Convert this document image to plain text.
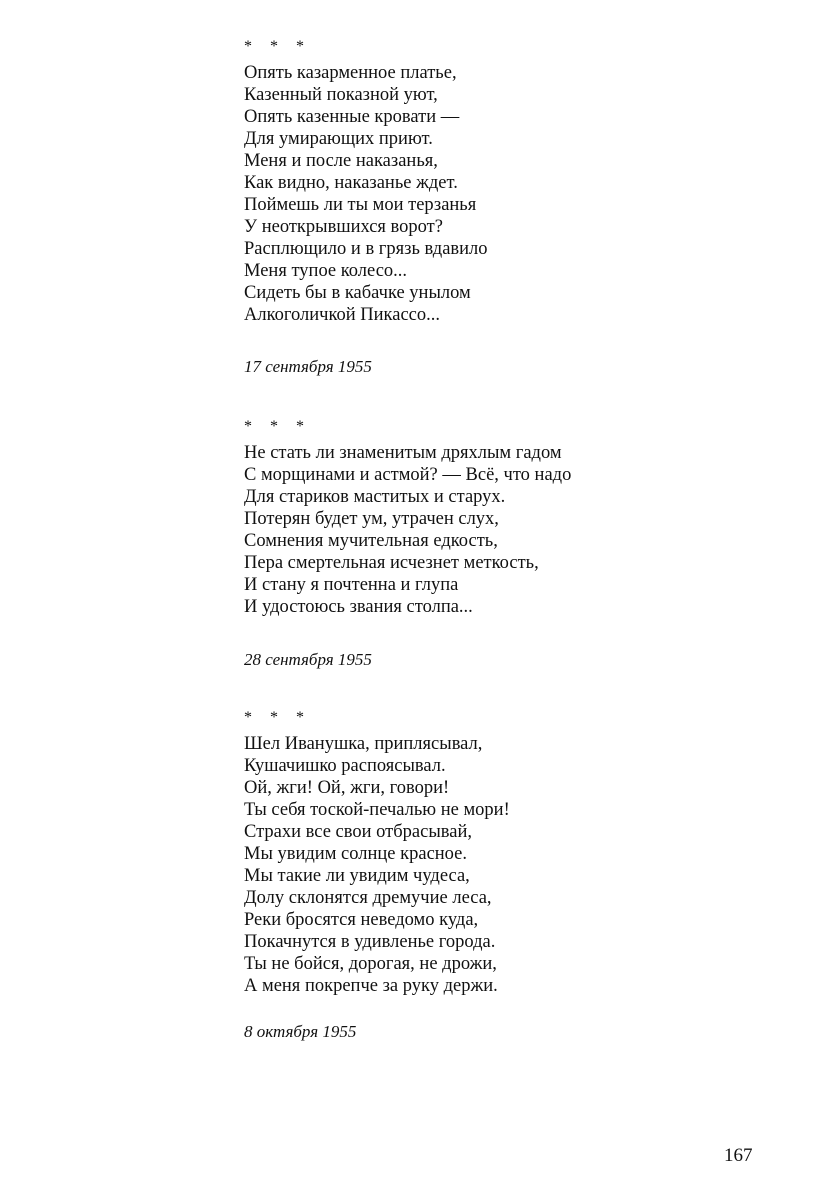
* * *
Опять казарменное платье,
Казенный показной уют,
Опять казенные кровати —
Для умирающих приют.
Меня и после наказанья,
Как видно, наказанье ждет.
Поймешь ли ты мои терзанья
У неоткрывшихся ворот?
Расплющило и в грязь вдавило
Меня тупое колесо...
Сидеть бы в кабачке унылом
Алкоголичкой Пикассо...
17 сентября 1955
* * *
Не стать ли знаменитым дряхлым гадом
С морщинами и астмой? — Всё, что надо
Для стариков маститых и старух.
Потерян будет ум, утрачен слух,
Сомнения мучительная едкость,
Пера смертельная исчезнет меткость,
И стану я почтенна и глупа
И удостоюсь звания столпа...
28 сентября 1955
* * *
Шел Иванушка, приплясывал,
Кушачишко распоясывал.
Ой, жги! Ой, жги, говори!
Ты себя тоской-печалью не мори!
Страхи все свои отбрасывай,
Мы увидим солнце красное.
Мы такие ли увидим чудеса,
Долу склонятся дремучие леса,
Реки бросятся неведомо куда,
Покачнутся в удивленье города.
Ты не бойся, дорогая, не дрожи,
А меня покрепче за руку держи.
8 октября 1955
167
